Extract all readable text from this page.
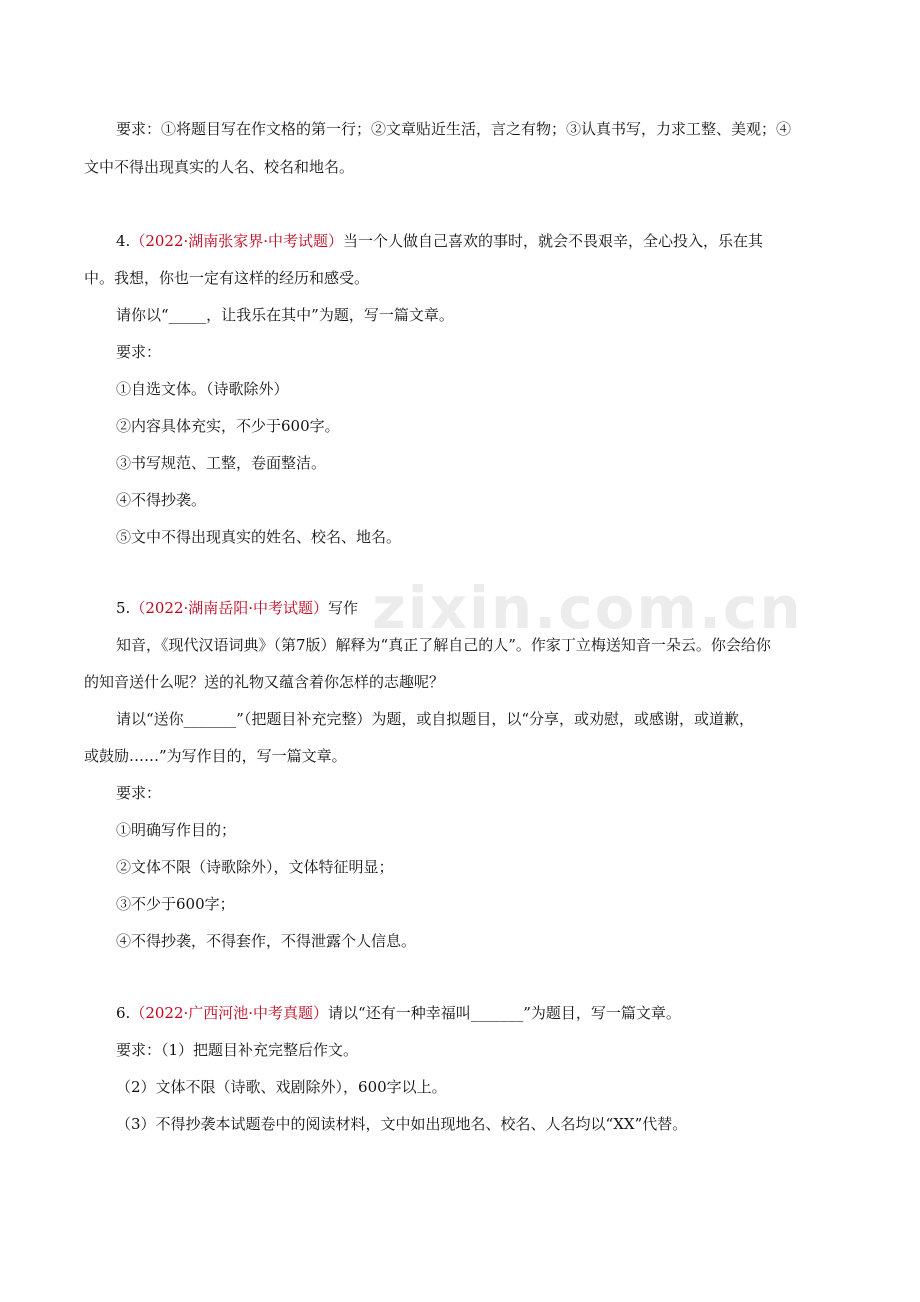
zixin.com.cn
要求：①将题目写在作文格的第一行；②文章贴近生活，言之有物；③认真书写，力求工整、美观；④
文中不得出现真实的人名、校名和地名。
4.（2022·湖南张家界·中考试题）当一个人做自己喜欢的事时，就会不畏艰辛，全心投入，乐在其
中。我想，你也一定有这样的经历和感受。
请你以“_____，让我乐在其中”为题，写一篇文章。
要求：
①自选文体。（诗歌除外）
②内容具体充实，不少于600字。
③书写规范、工整，卷面整洁。
④不得抄袭。
⑤文中不得出现真实的姓名、校名、地名。
5.（2022·湖南岳阳·中考试题）写作
知音，《现代汉语词典》（第7版）解释为“真正了解自己的人”。作家丁立梅送知音一朵云。你会给你
的知音送什么呢？送的礼物又蕴含着你怎样的志趣呢？
请以“送你_______”（把题目补充完整）为题，或自拟题目，以“分享，或劝慰，或感谢，或道歉，
或鼓励……”为写作目的，写一篇文章。
要求：
①明确写作目的；
②文体不限（诗歌除外），文体特征明显；
③不少于600字；
④不得抄袭，不得套作，不得泄露个人信息。
6.（2022·广西河池·中考真题）请以“还有一种幸福叫_______”为题目，写一篇文章。
要求：（1）把题目补充完整后作文。
（2）文体不限（诗歌、戏剧除外），600字以上。
（3）不得抄袭本试题卷中的阅读材料，文中如出现地名、校名、人名均以“XX”代替。
